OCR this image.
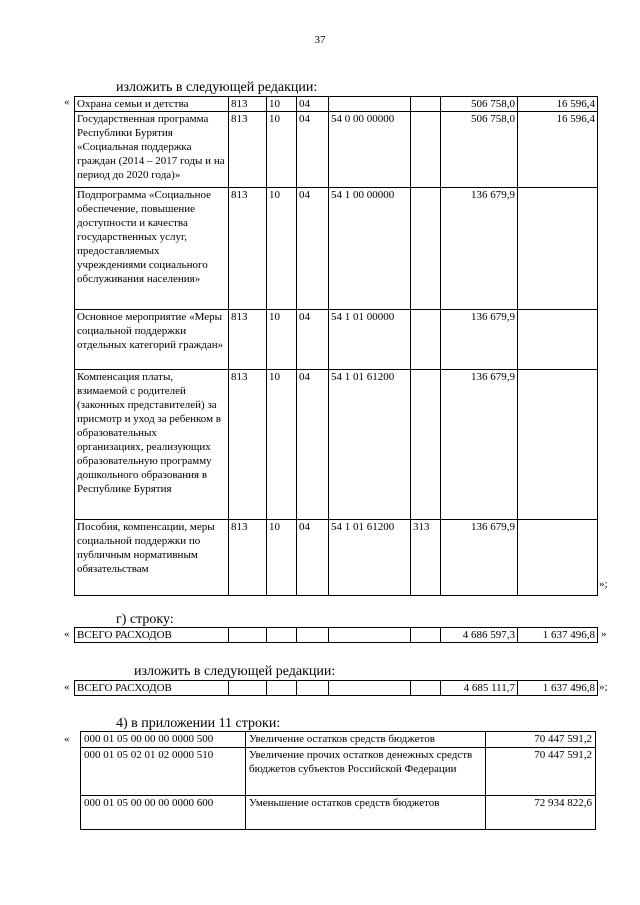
37
изложить в следующей редакции:
« Охрана семьи и детства	813	10	04			506 758,0	16 596,4
Государственная программа Республики Бурятия «Социальная поддержка граждан (2014 – 2017 годы и на период до 2020 года)»	813	10	04	54 0 00 00000		506 758,0	16 596,4
Подпрограмма «Социальное обеспечение, повышение доступности и качества государственных услуг, предоставляемых учреждениями социального обслуживания населения»	813	10	04	54 1 00 00000		136 679,9	
Основное мероприятие «Меры социальной поддержки отдельных категорий граждан»	813	10	04	54 1 01 00000		136 679,9	
Компенсация платы, взимаемой с родителей (законных представителей) за присмотр и уход за ребенком в образовательных организациях, реализующих образовательную программу дошкольного образования в Республике Бурятия	813	10	04	54 1 01 61200		136 679,9	
Пособия, компенсации, меры социальной поддержки по публичным нормативным обязательствам	813	10	04	54 1 01 61200	313	136 679,9	
»;
г) строку:
« ВСЕГО РАСХОДОВ						4 686 597,3	1 637 496,8 »
изложить в следующей редакции:
« ВСЕГО РАСХОДОВ						4 685 111,7	1 637 496,8 »;
4) в приложении 11 строки:
« 000 01 05 00 00 00 0000 500	Увеличение остатков средств бюджетов	70 447 591,2
000 01 05 02 01 02 0000 510	Увеличение прочих остатков денежных средств бюджетов субъектов Российской Федерации	70 447 591,2
000 01 05 00 00 00 0000 600	Уменьшение остатков средств бюджетов	72 934 822,6
